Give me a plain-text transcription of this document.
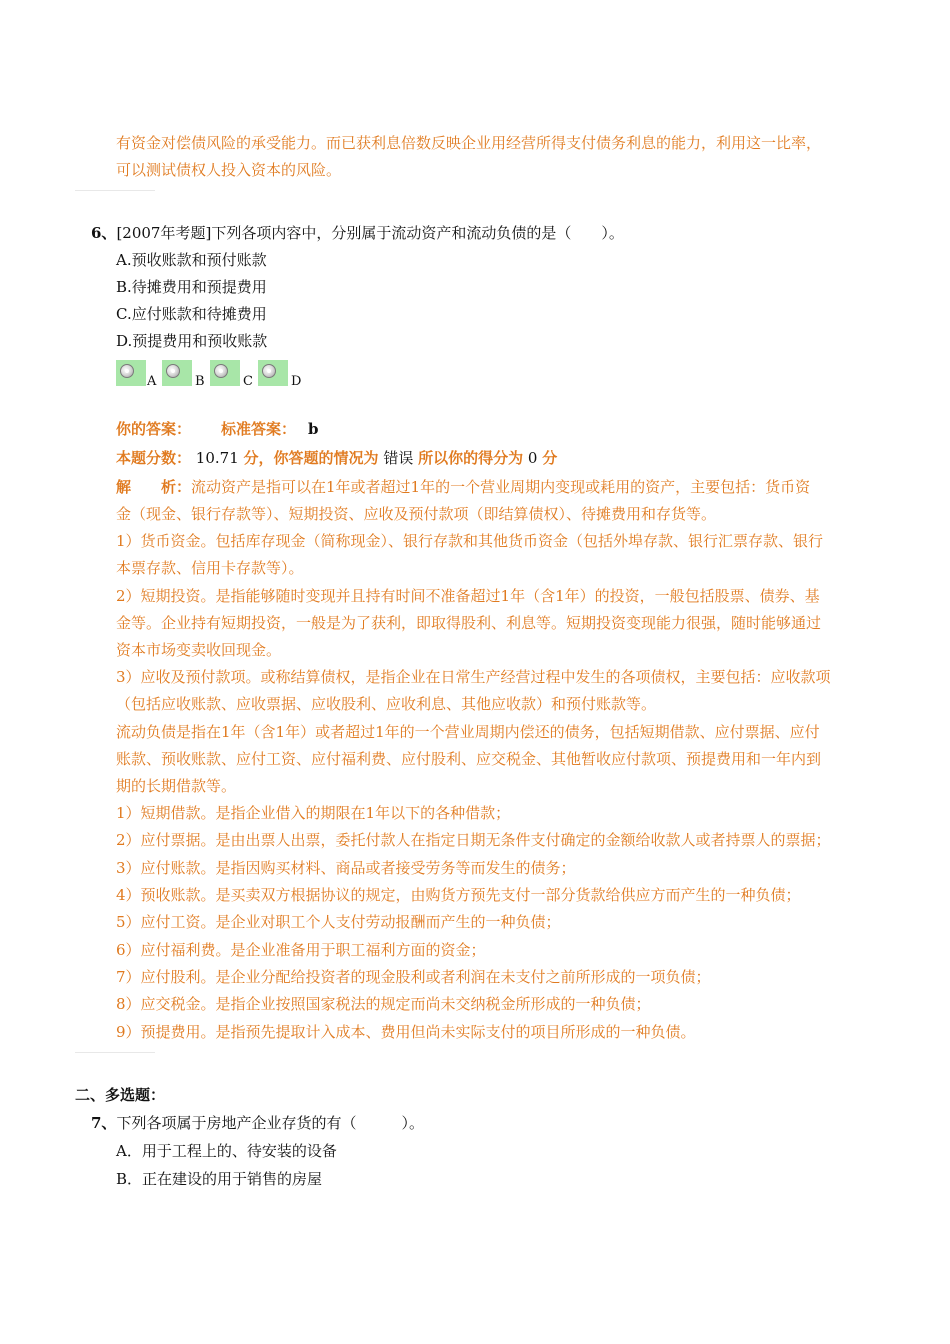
有资金对偿债风险的承受能力。而已获利息倍数反映企业用经营所得支付债务利息的能力，利用这一比率，
可以测试债权人投入资本的风险。
6、[2007年考题]下列各项内容中，分别属于流动资产和流动负债的是（　　）。
A.预收账款和预付账款
B.待摊费用和预提费用
C.应付账款和待摊费用
D.预提费用和预收账款
A	B	C	D
你的答案： 标准答案： b
本题分数： 10.71 分，你答题的情况为 错误 所以你的得分为 0 分
解　　析：流动资产是指可以在1年或者超过1年的一个营业周期内变现或耗用的资产，主要包括：货币资
金（现金、银行存款等）、短期投资、应收及预付款项（即结算债权）、待摊费用和存货等。
1）货币资金。包括库存现金（简称现金）、银行存款和其他货币资金（包括外埠存款、银行汇票存款、银行
本票存款、信用卡存款等）。
2）短期投资。是指能够随时变现并且持有时间不准备超过1年（含1年）的投资，一般包括股票、债券、基
金等。企业持有短期投资，一般是为了获利，即取得股利、利息等。短期投资变现能力很强，随时能够通过
资本市场变卖收回现金。
3）应收及预付款项。或称结算债权，是指企业在日常生产经营过程中发生的各项债权，主要包括：应收款项
（包括应收账款、应收票据、应收股利、应收利息、其他应收款）和预付账款等。
流动负债是指在1年（含1年）或者超过1年的一个营业周期内偿还的债务，包括短期借款、应付票据、应付
账款、预收账款、应付工资、应付福利费、应付股利、应交税金、其他暂收应付款项、预提费用和一年内到
期的长期借款等。
1）短期借款。是指企业借入的期限在1年以下的各种借款；
2）应付票据。是由出票人出票，委托付款人在指定日期无条件支付确定的金额给收款人或者持票人的票据；
3）应付账款。是指因购买材料、商品或者接受劳务等而发生的债务；
4）预收账款。是买卖双方根据协议的规定，由购货方预先支付一部分货款给供应方而产生的一种负债；
5）应付工资。是企业对职工个人支付劳动报酬而产生的一种负债；
6）应付福利费。是企业准备用于职工福利方面的资金；
7）应付股利。是企业分配给投资者的现金股利或者利润在未支付之前所形成的一项负债；
8）应交税金。是指企业按照国家税法的规定而尚未交纳税金所形成的一种负债；
9）预提费用。是指预先提取计入成本、费用但尚未实际支付的项目所形成的一种负债。
二、多选题：
7、下列各项属于房地产企业存货的有（　　　）。
A．用于工程上的、待安装的设备
B．正在建设的用于销售的房屋
